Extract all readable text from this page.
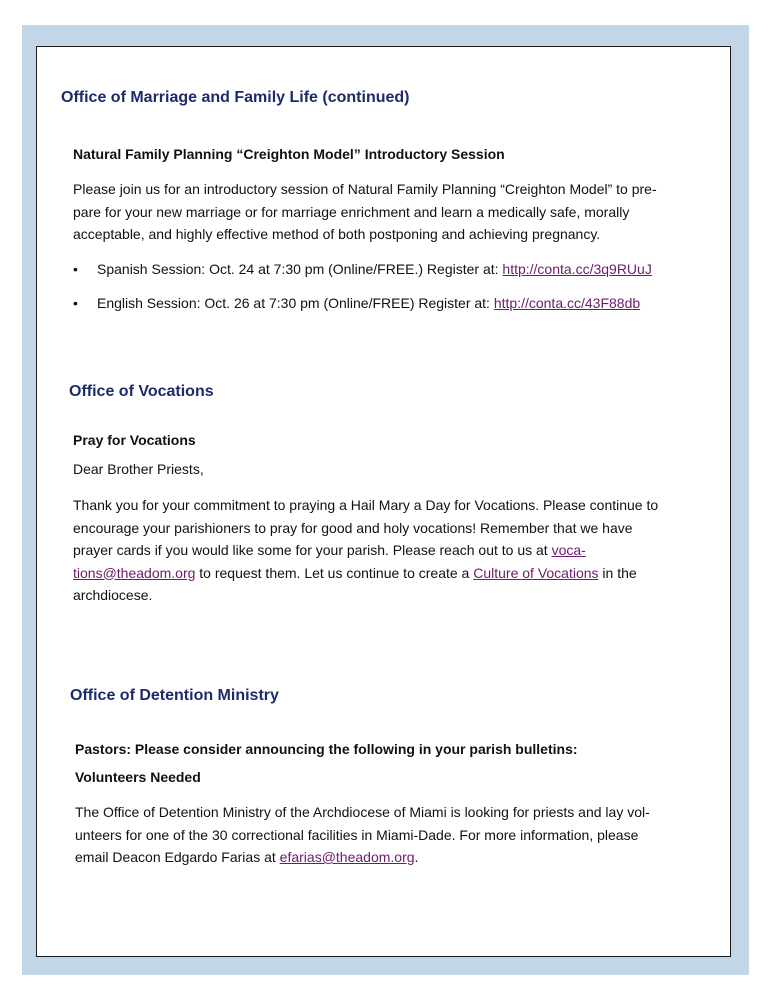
Office of Marriage and Family Life (continued)
Natural Family Planning “Creighton Model” Introductory Session

Please join us for an introductory session of Natural Family Planning “Creighton Model” to pre-

pare for your new marriage or for marriage enrichment and learn a medically safe, morally

acceptable, and highly effective method of both postponing and achieving pregnancy.

• Spanish Session: Oct. 24 at 7:30 pm (Online/FREE.) Register at: http://conta.cc/3q9RUuJ
• English Session: Oct. 26 at 7:30 pm (Online/FREE) Register at: http://conta.cc/43F88db
Office of Vocations
Pray for Vocations

Dear Brother Priests,

Thank you for your commitment to praying a Hail Mary a Day for Vocations. Please continue to

encourage your parishioners to pray for good and holy vocations! Remember that we have

prayer cards if you would like some for your parish. Please reach out to us at voca-

tions@theadom.org to request them. Let us continue to create a Culture of Vocations in the

archdiocese.

Office of Detention Ministry
Pastors: Please consider announcing the following in your parish bulletins:
Volunteers Needed

The Office of Detention Ministry of the Archdiocese of Miami is looking for priests and lay vol-

unteers for one of the 30 correctional facilities in Miami-Dade. For more information, please

email Deacon Edgardo Farias at efarias@theadom.org.
